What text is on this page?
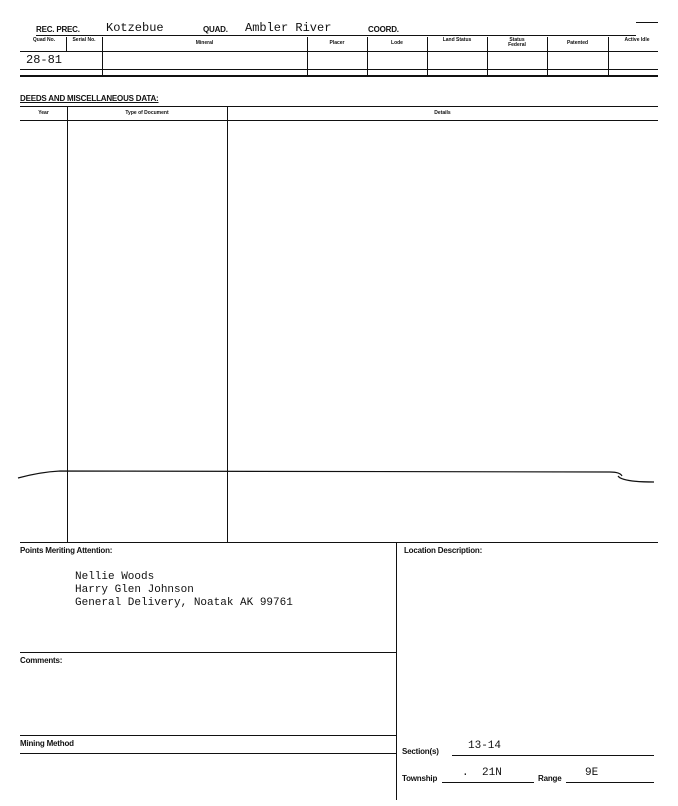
REC. PREC. Kotzebue	QUAD. Ambler River	COORD.
Quad No.	Serial No.	Mineral	Placer	Lode	Land Status	Status Federal	Patented	Active Idle
28-81
DEEDS AND MISCELLANEOUS DATA:
Year	Type of Document	Details
Points Meriting Attention:
Nellie Woods
Harry Glen Johnson
General Delivery, Noatak AK 99761
Location Description:
Comments:
Mining Method
Section(s)	13-14
Township . 21N	Range 9E
